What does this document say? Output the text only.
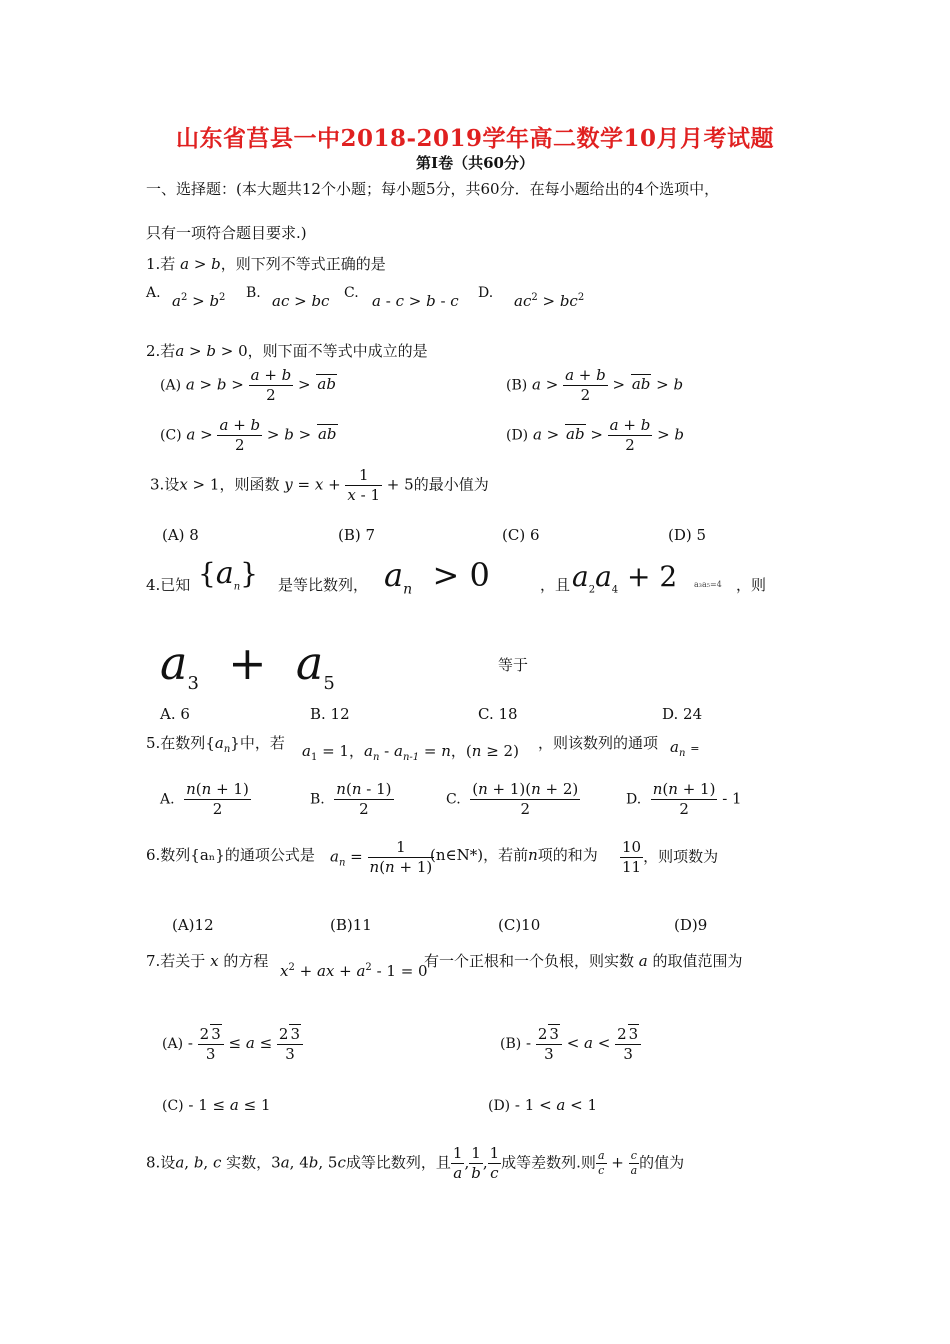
山东省莒县一中2018-2019学年高二数学10月月考试题
第Ⅰ卷（共60分）
一、选择题：(本大题共12个小题；每小题5分，共60分．在每小题给出的4个选项中，
只有一项符合题目要求.)
1.若 a > b，则下列不等式正确的是
A. $a^2 > b^2$ B. ac > bc C. a - c > b - c D. $ac^2 > bc^2$
2.若a > b > 0，则下面不等式中成立的是
(A) $a > b > \frac{a + b}{2}$ > ab	(B) $a > \frac{a + b}{2}$ > ab > b
(C) $a > \frac{a + b}{2} > b$ > ab	(D) a > ab > $\frac{a + b}{2} > b$
3.设x > 1，则函数 $y = x + \frac{1}{x - 1} + 5$的最小值为
(A) 8	(B) 7	(C) 6	(D) 5
4.已知 $\{a_n\}$ 是等比数列， $a_n > 0$	，且 $a_2a_4 + 2$ a₃a₅=4 ，则
$a_3 + a_5$
等于
A. 6	B. 12	C. 18	D. 24
5.在数列$\{a_n\}$中，若 $a_1 = 1$，$a_n - a_{n-1} = n$，(n ≥ 2) ，则该数列的通项 $a_n$ =
A. $\frac{n(n + 1)}{2}$	B. $\frac{n(n - 1)}{2}$	C. $\frac{(n + 1)(n + 2)}{2}$	D. $\frac{n(n + 1)}{2} - 1$
6.数列{aₙ}的通项公式是 $a_n = \frac{1}{n(n + 1)}$
(n∈N*)，若前n项的和为 $\frac{10}{11}$ ，则项数为
(A)12	(B)11	(C)10	(D)9
7.若关于 x 的方程
$x^2$ + ax + $a^2 - 1 = 0$
有一个正根和一个负根，则实数 a 的取值范围为
$(A) - \frac{2 3}{3} \le a \le \frac{2 3}{3}$	$(B) - \frac{2 3}{3} < a < \frac{2 3}{3}$
(C) - 1 ≤ a ≤ 1	(D) - 1 < a < 1
8.设a, b, c 实数，3a, 4b, 5c成等比数列，且 $\frac{1}{a}$ , $\frac{1}{b}$ , $\frac{1}{c}$ 成等差数列.则 $\frac{a}{c} + \frac{c}{a}$ 的值为
